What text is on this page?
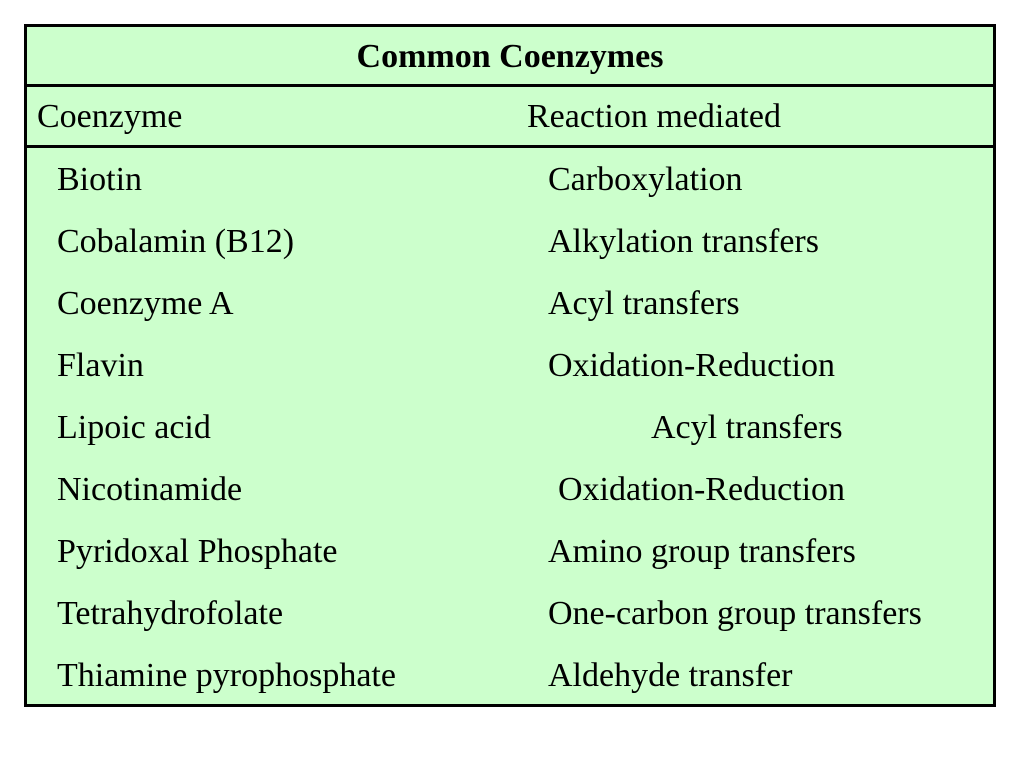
Common Coenzymes
Coenzyme	Reaction mediated
Biotin	Carboxylation
Cobalamin (B12)	Alkylation transfers
Coenzyme A	Acyl transfers
Flavin	Oxidation-Reduction
Lipoic acid	Acyl transfers
Nicotinamide	Oxidation-Reduction
Pyridoxal Phosphate	Amino group transfers
Tetrahydrofolate	One-carbon group transfers
Thiamine pyrophosphate	Aldehyde transfer
